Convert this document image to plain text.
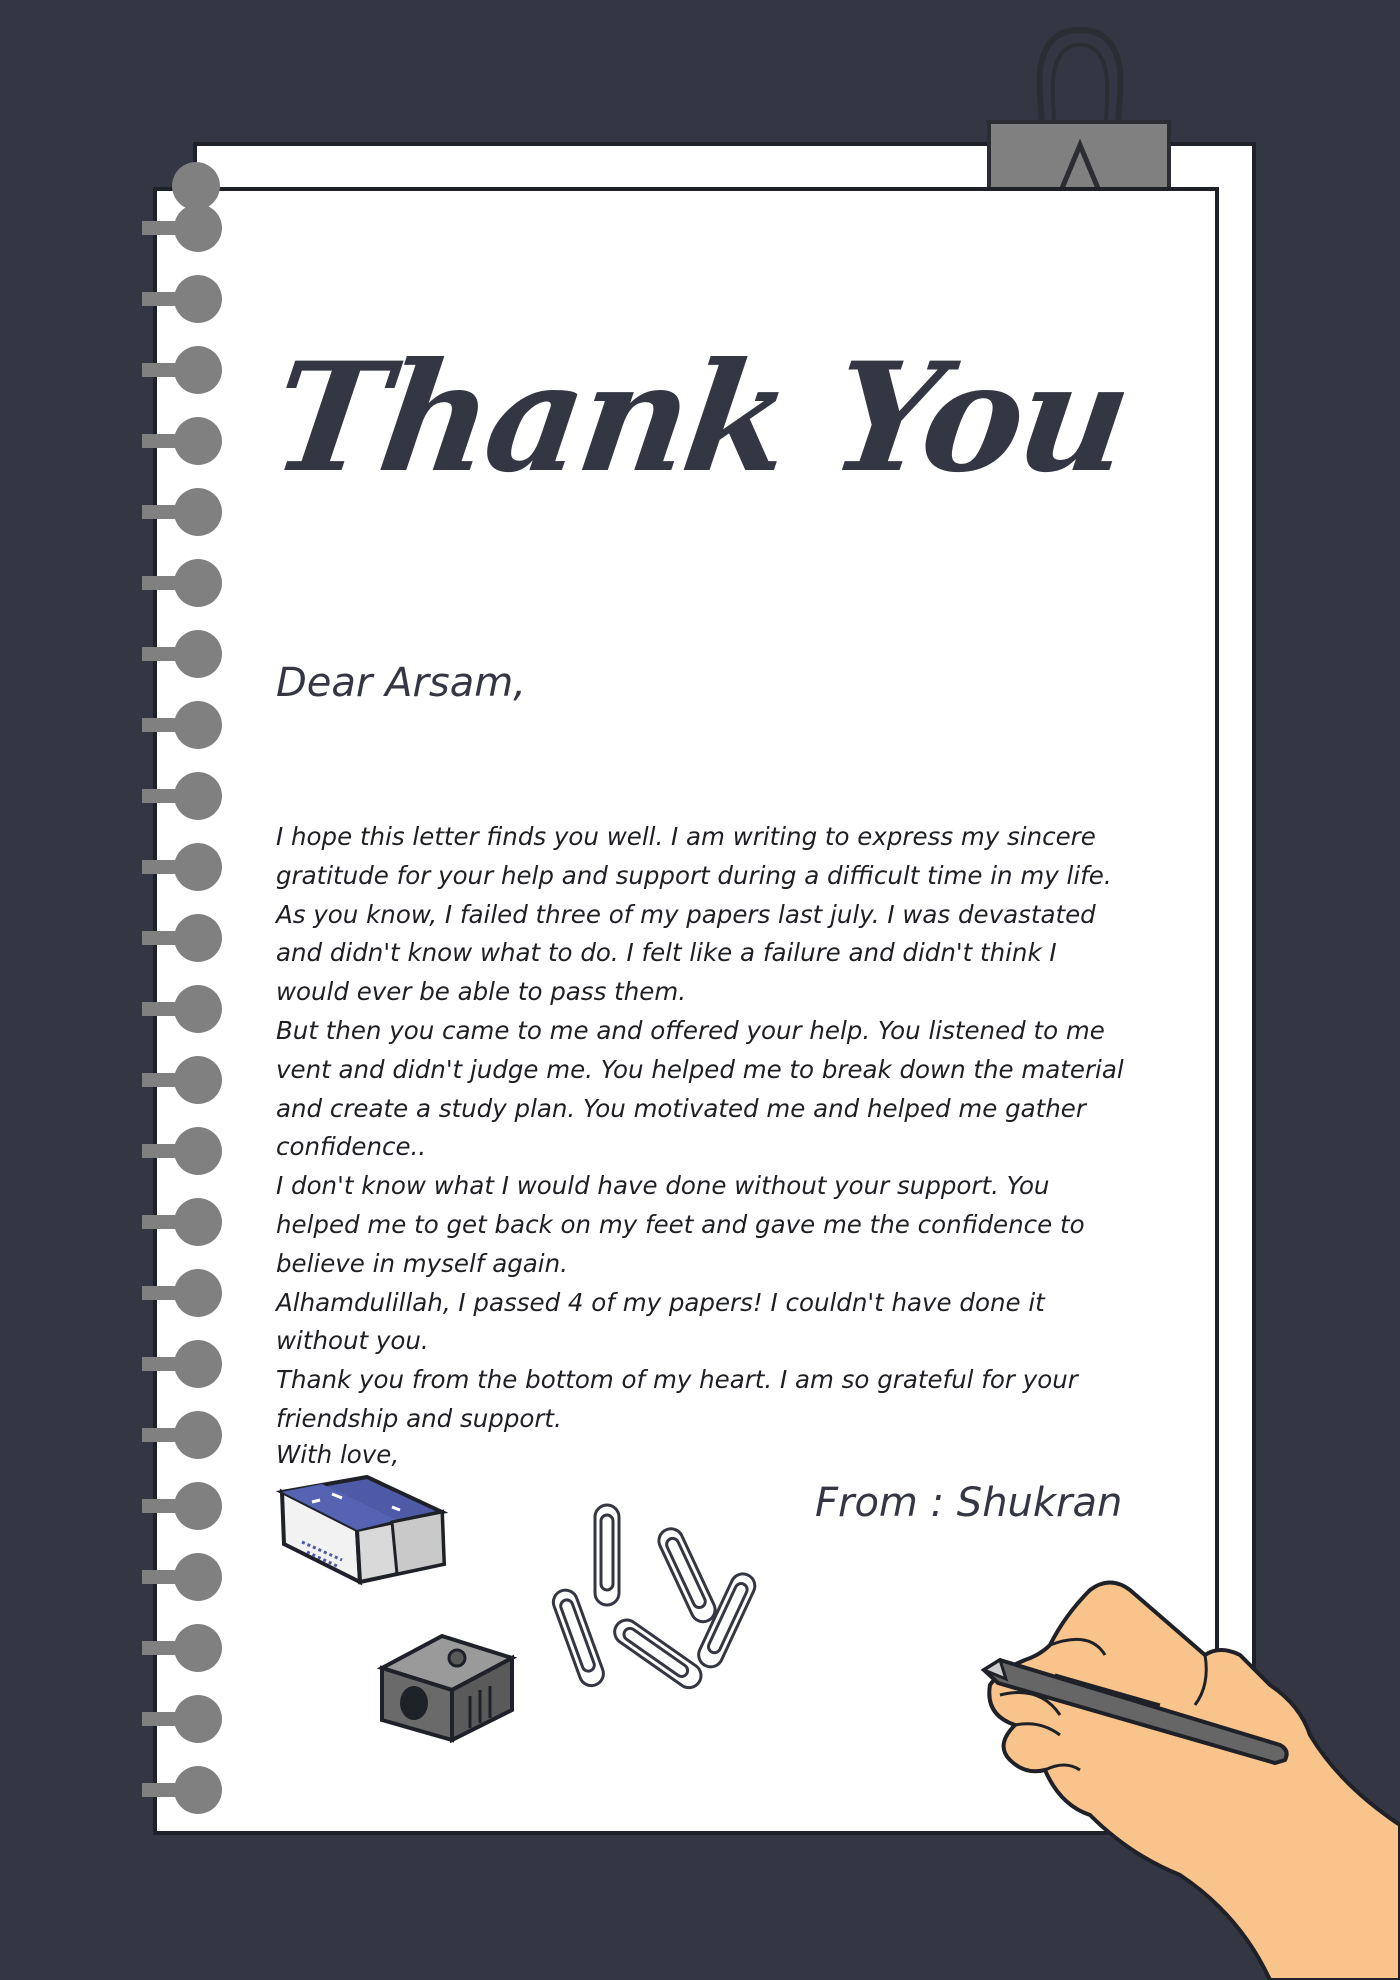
Thank You
Dear Arsam,

I hope this letter finds you well. I am writing to express my sincere gratitude for your help and support during a difficult time in my life.

As you know, I failed three of my papers last july. I was devastated and didn't know what to do. I felt like a failure and didn't think I would ever be able to pass them.

But then you came to me and offered your help. You listened to me vent and didn't judge me. You helped me to break down the material and create a study plan. You motivated me and helped me gather confidence..

I don't know what I would have done without your support. You helped me to get back on my feet and gave me the confidence to believe in myself again.

Alhamdulillah, I passed 4 of my papers! I couldn't have done it without you.

Thank you from the bottom of my heart. I am so grateful for your friendship and support.

With love,
From : Shukran
